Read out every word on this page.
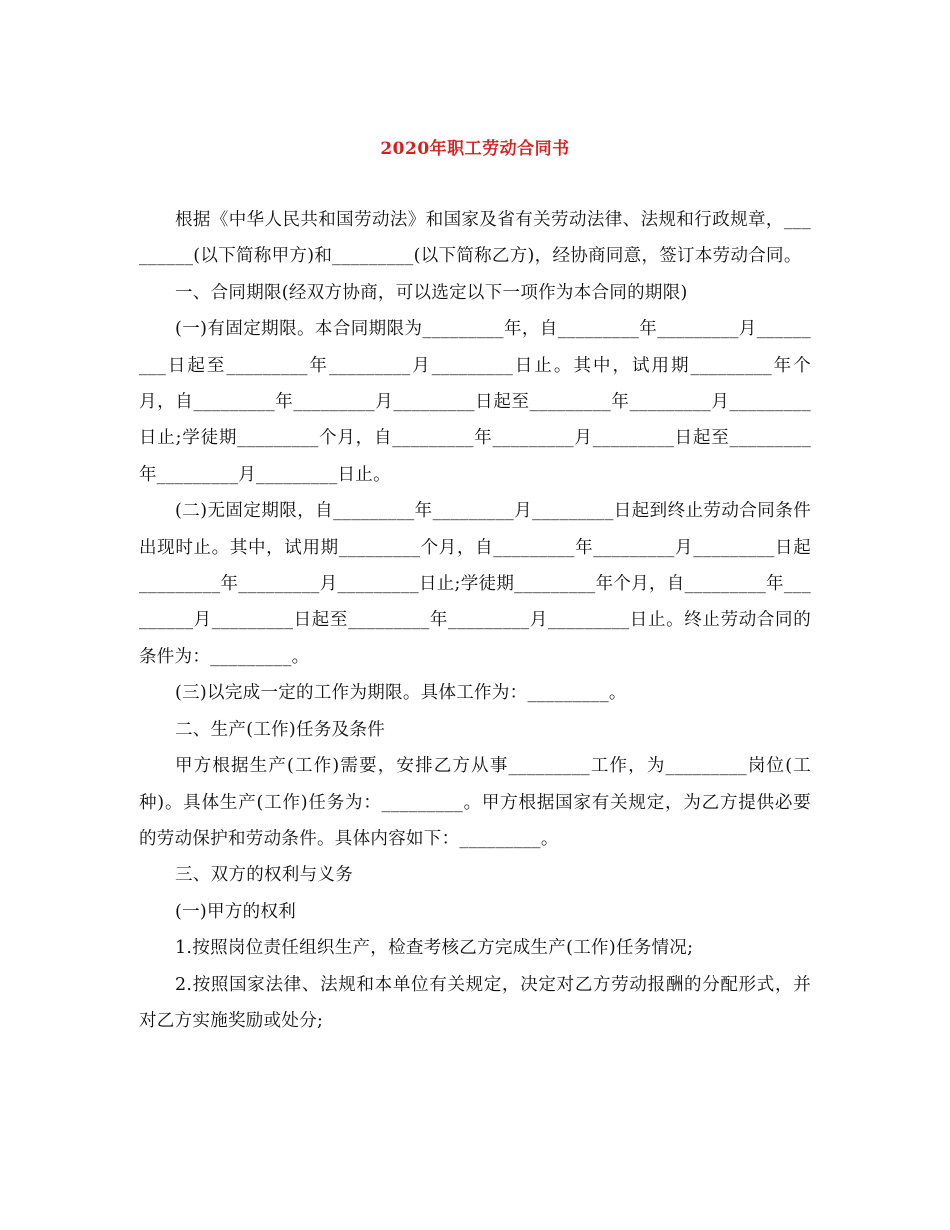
2020年职工劳动合同书

根据《中华人民共和国劳动法》和国家及省有关劳动法律、法规和行政规章，_________(以下简称甲方)和_________(以下简称乙方)，经协商同意，签订本劳动合同。

一、合同期限(经双方协商，可以选定以下一项作为本合同的期限)

(一)有固定期限。本合同期限为_________年，自_________年_________月_________日起至_________年_________月_________日止。其中，试用期_________年个月，自_________年_________月_________日起至_________年_________月_________日止;学徒期_________个月，自_________年_________月_________日起至_________年_________月_________日止。

(二)无固定期限，自_________年_________月_________日起到终止劳动合同条件出现时止。其中，试用期_________个月，自_________年_________月_________日起_________年_________月_________日止;学徒期_________年个月，自_________年_________月_________日起至_________年_________月_________日止。终止劳动合同的条件为：_________。

(三)以完成一定的工作为期限。具体工作为：_________。

二、生产(工作)任务及条件

甲方根据生产(工作)需要，安排乙方从事_________工作，为_________岗位(工种)。具体生产(工作)任务为：_________。甲方根据国家有关规定，为乙方提供必要的劳动保护和劳动条件。具体内容如下：_________。

三、双方的权利与义务

(一)甲方的权利

1.按照岗位责任组织生产，检查考核乙方完成生产(工作)任务情况;

2.按照国家法律、法规和本单位有关规定，决定对乙方劳动报酬的分配形式，并对乙方实施奖励或处分;
